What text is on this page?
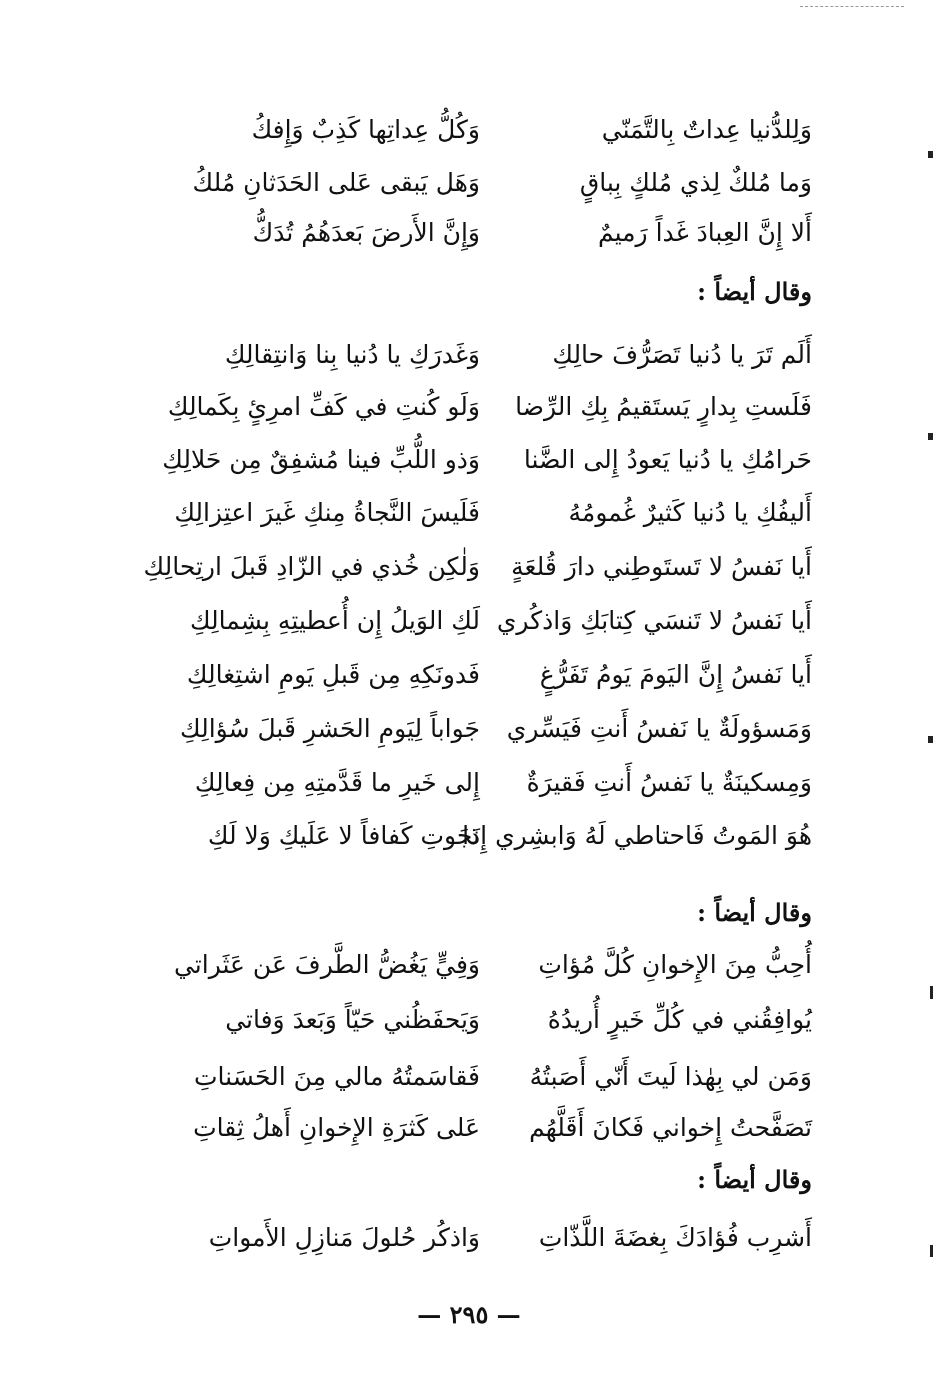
وَلِلدُّنيا عِداتٌ بِالتَّمَنّي
وَكُلُّ عِداتِها كَذِبٌ وَإِفكُ
وَما مُلكٌ لِذي مُلكٍ بِباقٍ
وَهَل يَبقى عَلى الحَدَثانِ مُلكُ
أَلا إِنَّ العِبادَ غَداً رَميمٌ
وَإِنَّ الأَرضَ بَعدَهُمُ تُدَكُّ
وقال أيضاً :
أَلَم تَرَ يا دُنيا تَصَرُّفَ حالِكِ
وَغَدرَكِ يا دُنيا بِنا وَانتِقالِكِ
فَلَستِ بِدارٍ يَستَقيمُ بِكِ الرِّضا
وَلَو كُنتِ في كَفِّ امرِئٍ بِكَمالِكِ
حَرامُكِ يا دُنيا يَعودُ إِلى الضَّنا
وَذو اللُّبِّ فينا مُشفِقٌ مِن حَلالِكِ
أَليفُكِ يا دُنيا كَثيرٌ غُمومُهُ
فَلَيسَ النَّجاةُ مِنكِ غَيرَ اعتِزالِكِ
أَيا نَفسُ لا تَستَوطِني دارَ قُلعَةٍ
وَلٰكِن خُذي في الزّادِ قَبلَ ارتِحالِكِ
أَيا نَفسُ لا تَنسَي كِتابَكِ وَاذكُري
لَكِ الوَيلُ إِن أُعطيتِهِ بِشِمالِكِ
أَيا نَفسُ إِنَّ اليَومَ يَومُ تَفَرُّغٍ
فَدونَكِهِ مِن قَبلِ يَومِ اشتِغالِكِ
وَمَسؤولَةٌ يا نَفسُ أَنتِ فَيَسِّري
جَواباً لِيَومِ الحَشرِ قَبلَ سُؤالِكِ
وَمِسكينَةٌ يا نَفسُ أَنتِ فَقيرَةٌ
إِلى خَيرِ ما قَدَّمتِهِ مِن فِعالِكِ
هُوَ المَوتُ فَاحتاطي لَهُ وَابشِري إِذا
نَجَوتِ كَفافاً لا عَلَيكِ وَلا لَكِ
وقال أيضاً :
أُحِبُّ مِنَ الإِخوانِ كُلَّ مُؤاتِ
وَفِيٍّ يَغُضُّ الطَّرفَ عَن عَثَراتي
يُوافِقُني في كُلِّ خَيرٍ أُريدُهُ
وَيَحفَظُني حَيّاً وَبَعدَ وَفاتي
وَمَن لي بِهٰذا لَيتَ أَنّي أَصَبتُهُ
فَقاسَمتُهُ مالي مِنَ الحَسَناتِ
تَصَفَّحتُ إِخواني فَكانَ أَقَلَّهُم
عَلى كَثرَةِ الإِخوانِ أَهلُ ثِقاتِ
وقال أيضاً :
أَشرِب فُؤادَكَ بِغضَةَ اللَّذّاتِ
وَاذكُر حُلولَ مَنازِلِ الأَمواتِ
— ٢٩٥ —
